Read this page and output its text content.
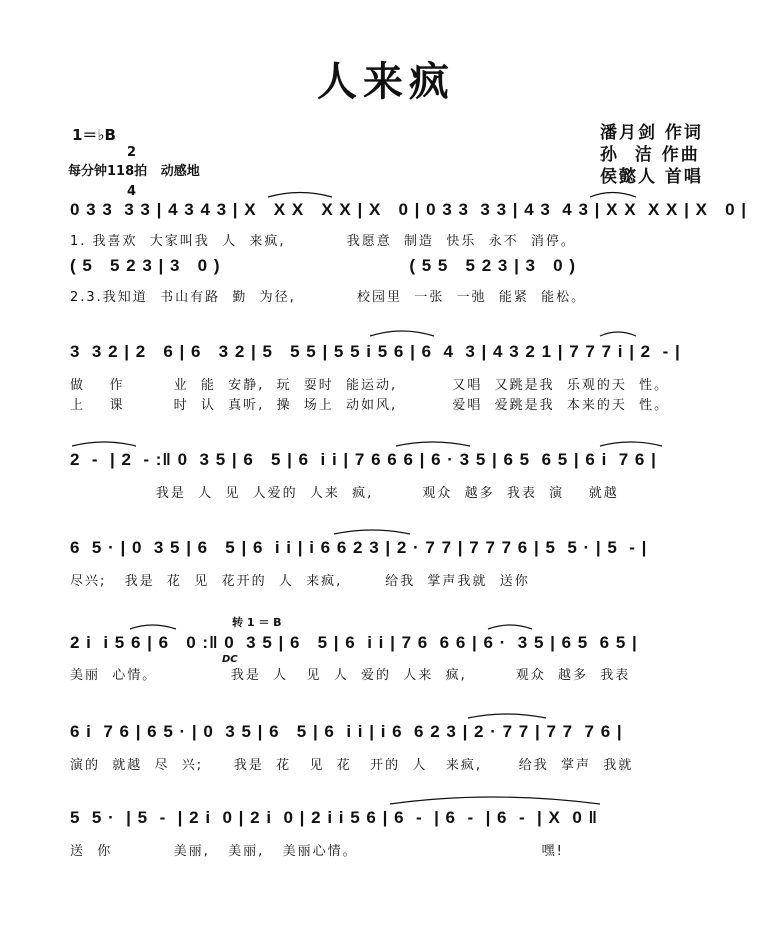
人来疯
1＝♭B

2

4

每分钟118拍   动感地
潘月剑 作词
孙  洁 作曲
侯懿人 首唱
0 3 3  3 3 | 4 3 4 3 | X   X X   X X | X   0 | 0 3 3  3 3 | 4 3  4 3 | X X  X X | X   0 |
1. 我喜欢  大家叫我  人  来疯,          我愿意  制造  快乐  永不  消停。
( 5   5 2 3 | 3   0 )                                 ( 5 5   5 2 3 | 3   0 )
2.3.我知道  书山有路  勤  为径,          校园里  一张  一弛  能紧  能松。
3  3 2 | 2   6 | 6   3 2 | 5   5 5 | 5 5 i 5 6 | 6  4  3 | 4 3 2 1 | 7 7 7 i | 2  - |
做    作        业  能  安静,  玩  耍时  能运动,         又唱  又跳是我  乐观的天  性。
上    课        时  认  真听,  操  场上  动如风,         爱唱  爱跳是我  本来的天  性。
2  -  | 2  - :‖ 0  3 5 | 6   5 | 6  i i | 7 6 6 6 | 6 · 3 5 | 6 5  6 5 | 6 i  7 6 |
我是  人  见  人爱的  人来  疯,        观众  越多  我表  演    就越
6  5 · | 0  3 5 | 6   5 | 6  i i | i 6 6 2 3 | 2 · 7 7 | 7 7 7 6 | 5  5 · | 5  - |
尽兴;   我是  花  见  花开的  人  来疯,       给我  掌声我就  送你
转 1 ＝ B
2 i  i 5 6 | 6   0 :‖ 0  3 5 | 6   5 | 6  i i | 7 6  6 6 | 6 ·  3 5 | 6 5  6 5 |
DC
美丽  心情。            我是  人   见  人  爱的  人来  疯,        观众  越多  我表
6 i  7 6 | 6 5 · | 0  3 5 | 6   5 | 6  i i | i 6  6 2 3 | 2 · 7 7 | 7 7  7 6 |
演的  就越  尽  兴;     我是  花   见  花   开的  人   来疯,      给我  掌声  我就
5  5 ·  | 5  -  | 2 i  0 | 2 i  0 | 2 i i 5 6 | 6  -  | 6  -  | 6  -  | X  0 ‖
送  你          美丽,   美丽,   美丽心情。                              嘿!
